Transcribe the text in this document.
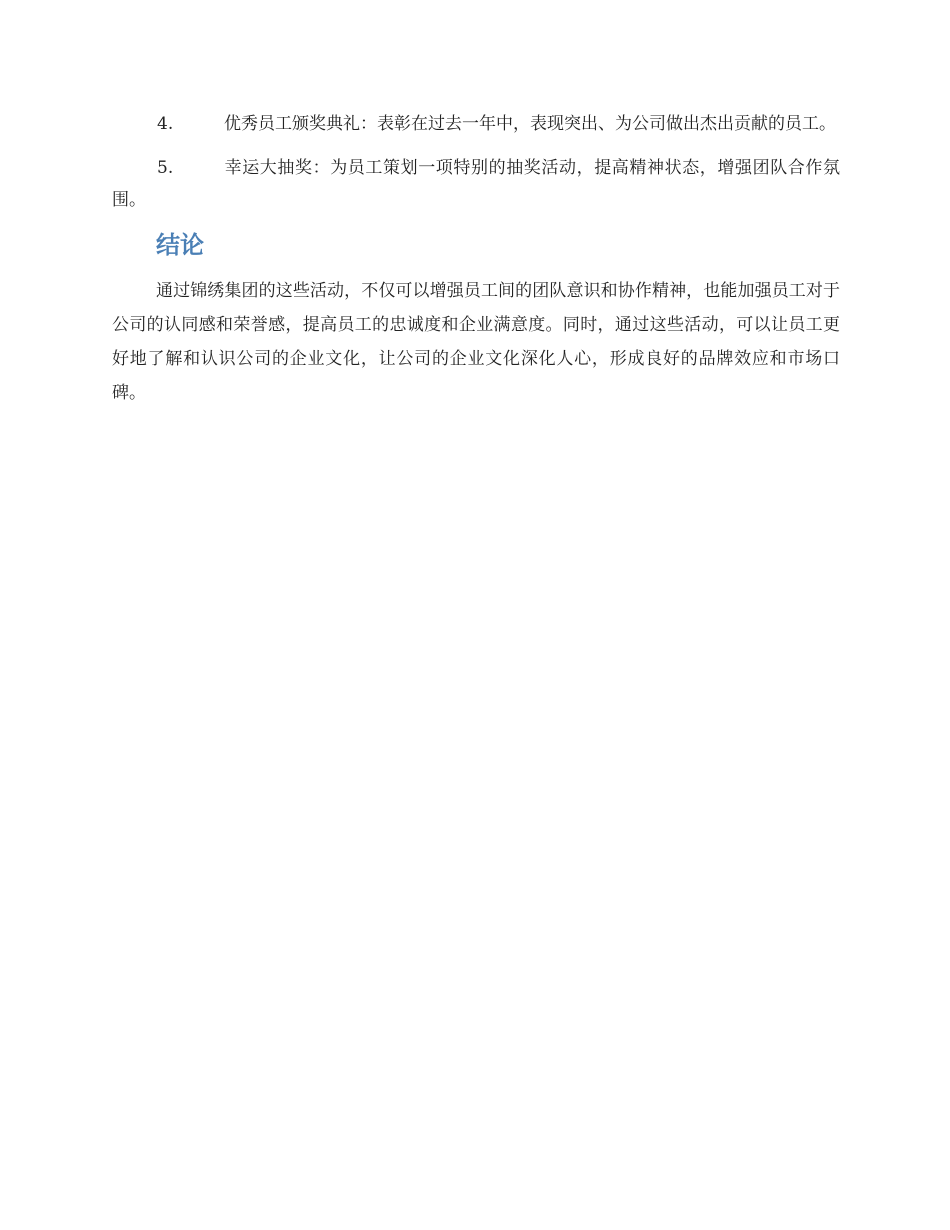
4.	优秀员工颁奖典礼：表彰在过去一年中，表现突出、为公司做出杰出贡献的员工。

5.	幸运大抽奖：为员工策划一项特别的抽奖活动，提高精神状态，增强团队合作氛围。

结论

通过锦绣集团的这些活动，不仅可以增强员工间的团队意识和协作精神，也能加强员工对于公司的认同感和荣誉感，提高员工的忠诚度和企业满意度。同时，通过这些活动，可以让员工更好地了解和认识公司的企业文化，让公司的企业文化深化人心，形成良好的品牌效应和市场口碑。
